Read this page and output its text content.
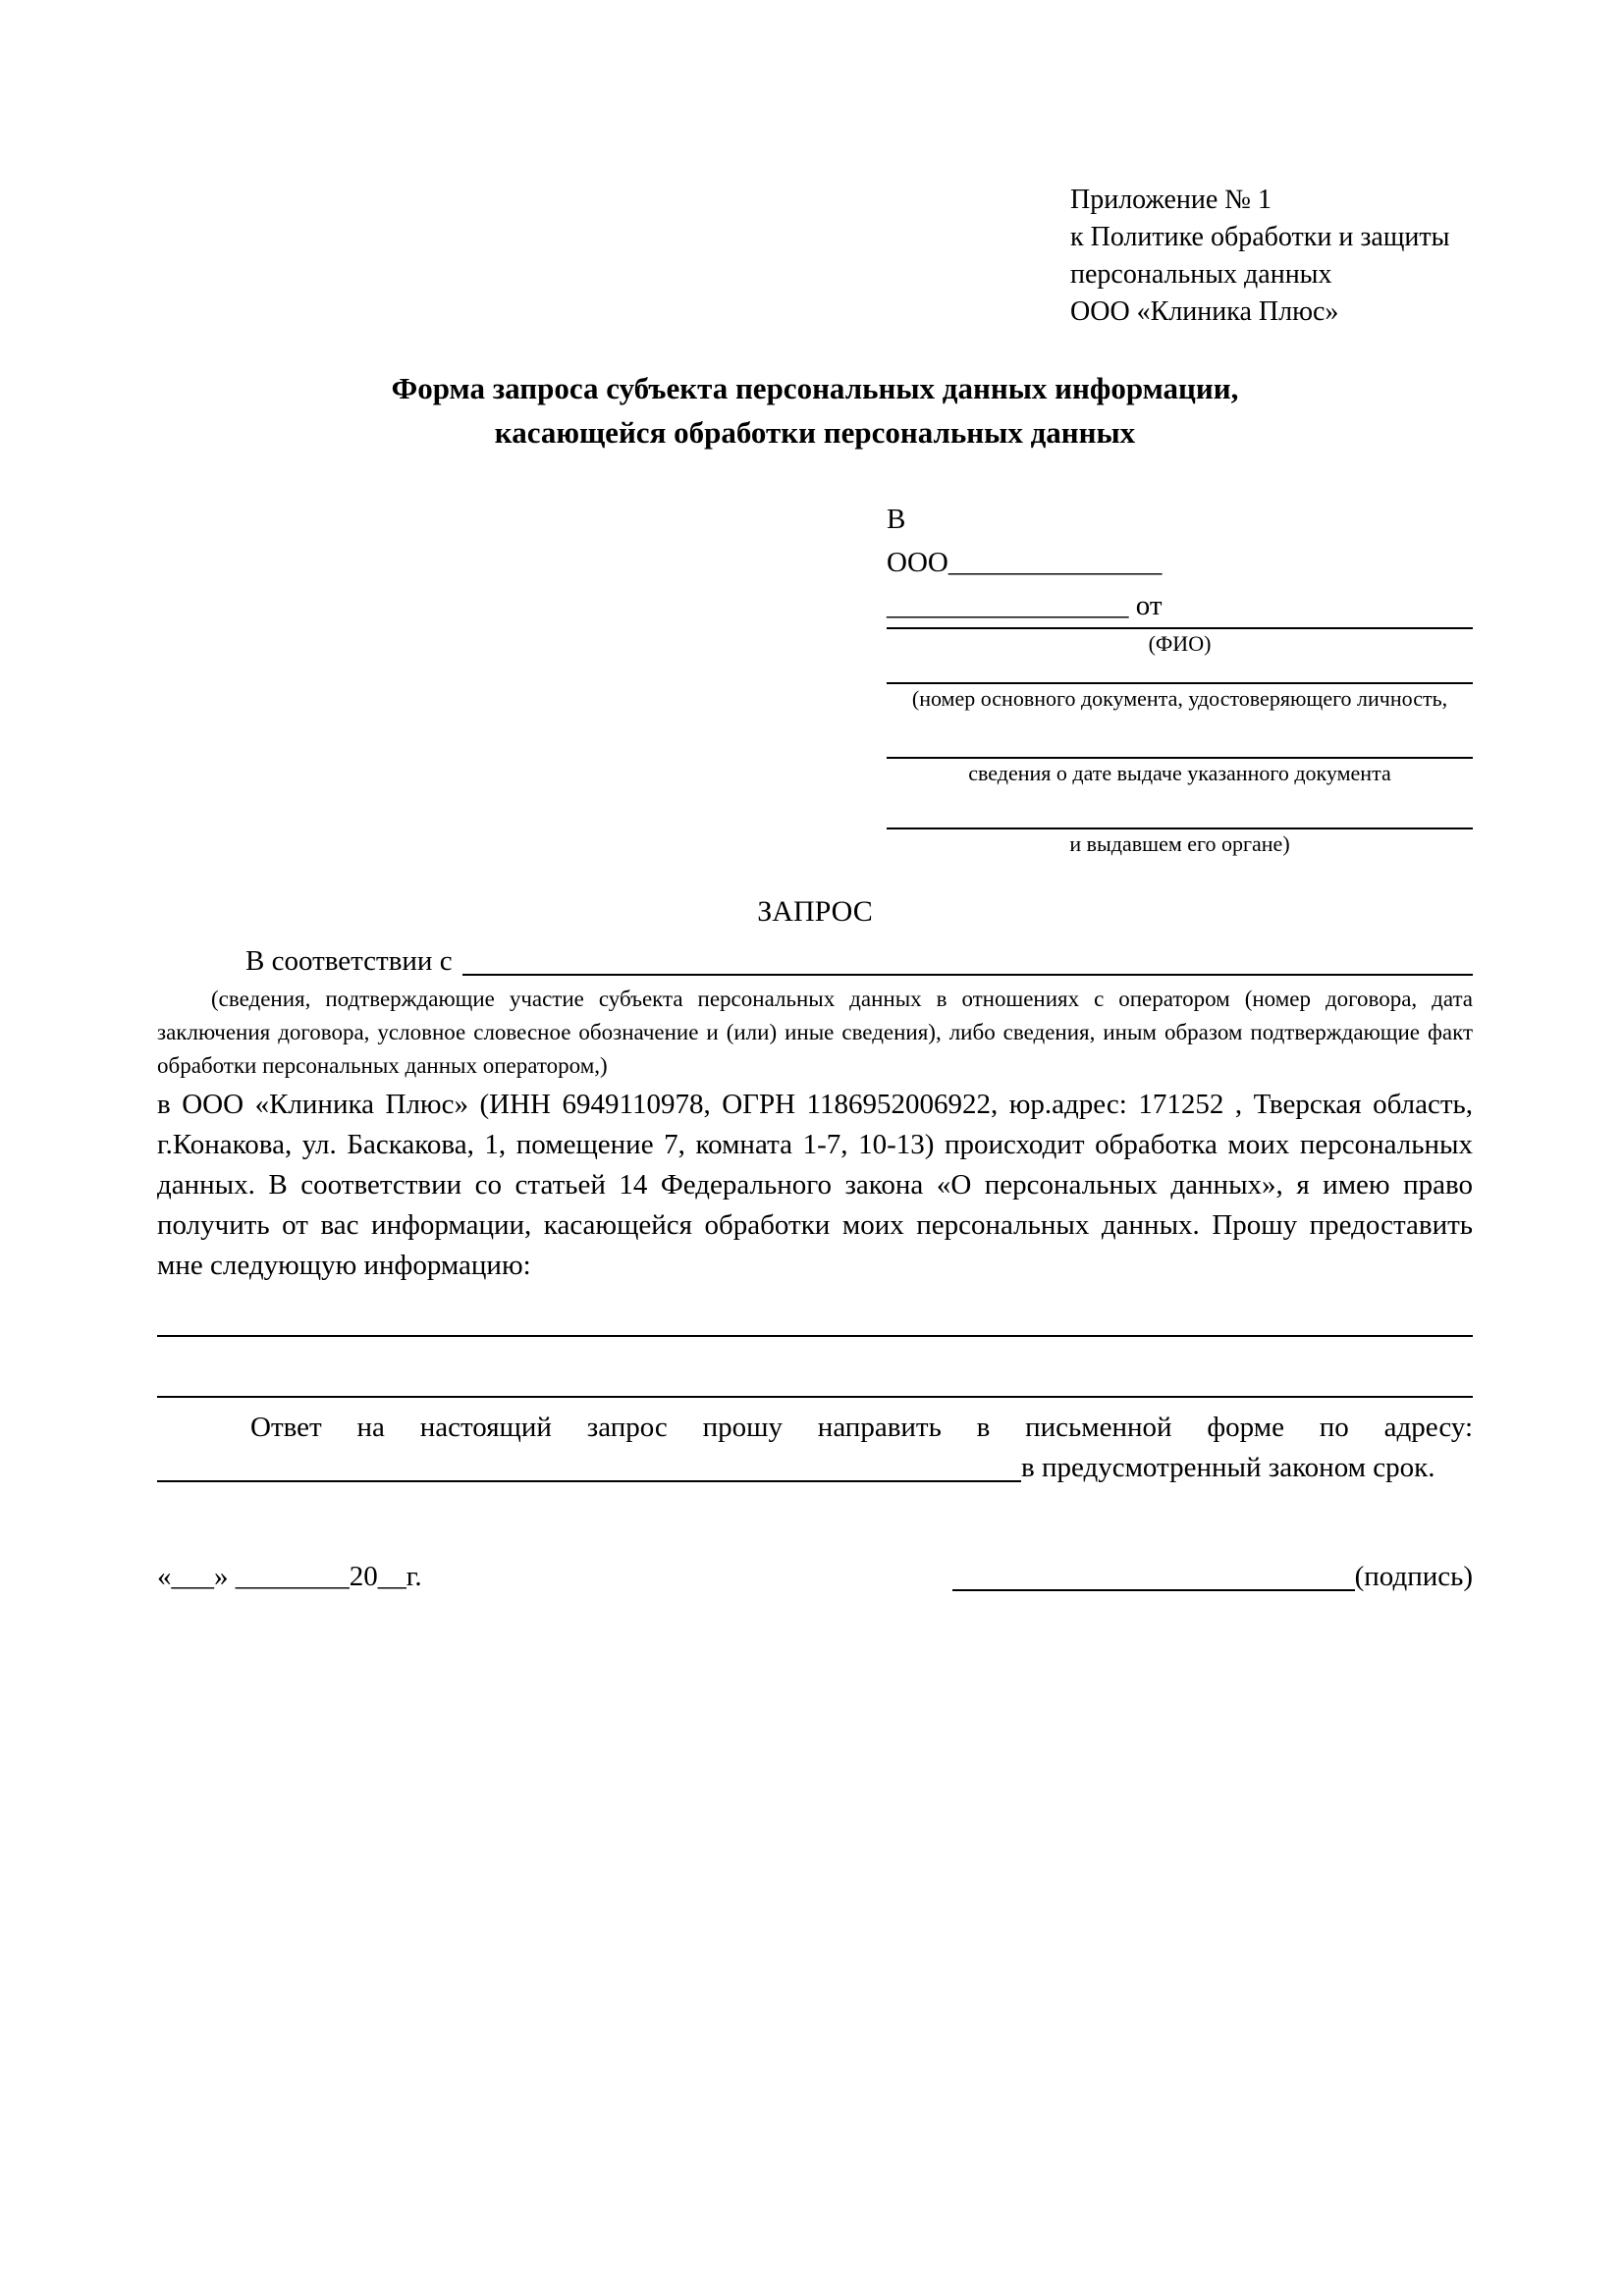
Приложение № 1
к Политике обработки и защиты
персональных данных
ООО «Клиника Плюс»
Форма запроса субъекта персональных данных информации,
касающейся обработки персональных данных
В
ООО_______________
_________________ от
(ФИО)
(номер основного документа, удостоверяющего личность,
сведения о дате выдаче указанного документа
и выдавшем его органе)
ЗАПРОС
В соответствии с
(сведения, подтверждающие участие субъекта персональных данных в отношениях с оператором (номер договора, дата заключения договора, условное словесное обозначение и (или) иные сведения), либо сведения, иным образом подтверждающие факт обработки персональных данных оператором,)
в ООО «Клиника Плюс» (ИНН 6949110978, ОГРН 1186952006922, юр.адрес: 171252 , Тверская область, г.Конакова, ул. Баскакова, 1, помещение 7, комната 1-7, 10-13) происходит обработка моих персональных данных. В соответствии со статьей 14 Федерального закона «О персональных данных», я имею право получить от вас информации, касающейся обработки моих персональных данных. Прошу предоставить мне следующую информацию:
Ответ на настоящий запрос прошу направить в письменной форме по адресу:
в предусмотренный законом срок.
«___» ________20__г.	(подпись)
